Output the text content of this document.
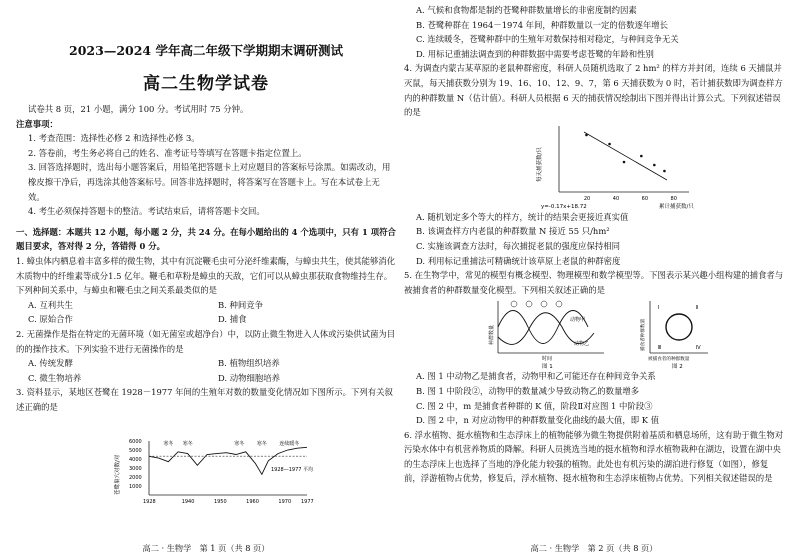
2023—2024 学年高二年级下学期期末调研测试
高二生物学试卷

试卷共 8 页，21 小题，满分 100 分。考试用时 75 分钟。

注意事项：

1. 考查范围：选择性必修 2 和选择性必修 3。

2. 答卷前，考生务必将自己的姓名、准考证号等填写在答题卡指定位置上。

3. 回答选择题时，选出每小题答案后，用铅笔把答题卡上对应题目的答案标号涂黑。如需改动，用橡皮擦干净后，再选涂其他答案标号。回答非选择题时，将答案写在答题卡上。写在本试卷上无效。

4. 考生必须保持答题卡的整洁。考试结束后，请将答题卡交回。

一、选择题：本题共 12 小题，每小题 2 分，共 24 分。在每小题给出的 4 个选项中，只有 1 项符合题目要求，答对得 2 分，答错得 0 分。

1. 蟑虫体内栖息着丰富多样的微生物，其中有沉淀鞭毛虫可分泌纤维素酶，与蟑虫共生，使其能够消化木质物中的纤维素等成分1.5 亿年。鞭毛和草粉是蟑虫的天敌，它们可以从蟑虫那获取食物维持生存。下列种间关系中，与蟑虫和鞭毛虫之间关系最类似的是

A. 互利共生	B. 种间竞争
C. 原始合作	D. 捕食

2. 无菌操作是指在特定的无菌环境（如无菌室或超净台）中，以防止微生物进入人体或污染供试菌为目的的操作技术。下列实验不进行无菌操作的是

A. 传统发酵	B. 植物组织培养
C. 微生物培养	D. 动物细胞培养

3. 资料显示，某地区苍鹭在 1928－1977 年间的生殖年对数的数量变化情况如下图所示。下列有关叙述正确的是

苍鹭巢穴对数/对 1000
2000
3000
4000
5000
6000
1928	1940	1950	1960	1970 1977
寒冬 寒冬	寒冬	寒冬	连续暖冬
1928—1977 平均
高二 · 生物学　第 1 页（共 8 页）

A. 气候和食物都是制约苍鹭种群数量增长的非密度制约因素

B. 苍鹭种群在 1964－1974 年间，种群数量以一定的倍数逐年增长

C. 连续暖冬，苍鹭种群中的生殖年对数保持相对稳定，与种间竞争无关

D. 用标记重捕法调查到的种群数据中需要考虑苍鹭的年龄和性别

4. 为调查内蒙古某草原的老鼠种群密度，科研人员随机选取了 2 hm² 的样方并封闭，连续 6 天捕鼠并灭鼠，每天捕获数分别为 19、16、10、12、9、7，第 6 天捕获数为 0 时，若计捕获数即为调查样方内的种群数量 N（估计值）。科研人员根据 6 天的捕获情况绘制出下图并得出计算公式。下列叙述错误的是

每天捕获数/只
累计捕获数/只
y=-0.17x+18.72
20	40	60	80

A. 随机划定多个等大的样方，统计的结果会更接近真实值

B. 该调查样方内老鼠的种群数量 N 接近 55 只/hm²

C. 实施该调查方法时，每次捕捉老鼠的强度应保持相同

D. 利用标记重捕法可精确统计该草原上老鼠的种群密度

5. 在生物学中，常见的模型有概念模型、物理模型和数学模型等。下图表示某兴趣小组构建的捕食者与被捕食者的种群数量变化模型。下列相关叙述正确的是

种群数量
动物甲
动物乙
时间
图 1
捕食者种群数量
Ⅰ	Ⅱ
Ⅲ	Ⅳ
被捕食者的种群数量
图 2

A. 图 1 中动物乙是捕食者，动物甲和乙可能还存在种间竞争关系

B. 图 1 中阶段②，动物甲的数量减少导致动物乙的数量增多

C. 图 2 中，m 是捕食者种群的 K 值，阶段Ⅱ对应图 1 中阶段③

D. 图 2 中，n 对应动物甲的种群数量变化曲线的最大值，即 K 值

6. 浮水植物、挺水植物和生态浮床上的植物能够为微生物提供附着基质和栖息场所，这有助于微生物对污染水体中有机营养物质的降解。科研人员挑选当地的挺水植物和浮水植物栽种在湖边，设置在湖中央的生态浮床上也选择了当地的净化能力较强的植物。此处也有机污染的湖泊进行修复（如图），修复前，浮游植物占优势，修复后，浮水植物、挺水植物和生态浮床植物占优势。下列相关叙述错误的是

高二 · 生物学　第 2 页（共 8 页）
